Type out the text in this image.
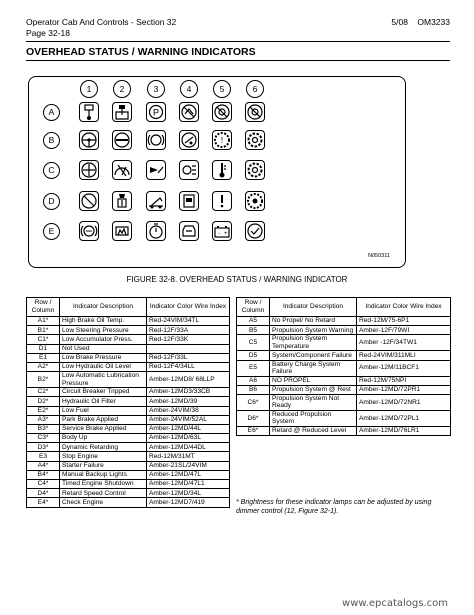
Operator Cab And Controls - Section 32
Page 32-18
5/08 OM3233
OVERHEAD STATUS / WARNING INDICATORS
1	2	3	4	5	6
A	P
B	!
C
D
E	- +
N050311
FIGURE 32-8. OVERHEAD STATUS / WARNING INDICATOR
Row / Column	Indicator Description	Indicator Color Wire Index
A1*	High Brake Oil Temp.	Red-24VIM/34TL
B1*	Low Steering Pressure	Red-12F/33A
C1*	Low Accumulator Press.	Red-12F/33K
D1	Not Used	
E1	Low Brake Pressure	Red-12F/33L
A2*	Low Hydraulic Oil Level	Red-12F4/34LL
B2*	Low Automatic Lubrication Pressure	Amber-12MD8/ 68LLP
C2*	Circuit Breaker Tripped	Amber-12MD3/33CB
D2*	Hydraulic Oil Filter	Amber-12MD/39
E2*	Low Fuel	Amber-24VIM/38
A3*	Park Brake Applied	Amber-24VIM/52AL
B3*	Service Brake Applied	Amber-12MD/44L
C3*	Body Up	Amber-12MD/63L
D3*	Dynamic Retarding	Amber-12MD/44DL
E3	Stop Engine	Red-12M/31MT
A4*	Starter Failure	Amber-21SL/24VIM
B4*	Manual Backup Lights	Amber-12MD/47L
C4*	Timed Engine Shutdown	Amber-12MD/47L1
D4*	Retard Speed Control	Amber-12MD/34L
E4*	Check Engine	Amber-12MD7/419
Row / Column	Indicator Description	Indicator Color Wire Index
A5	No Propel/ No Retard	Red-12M/75-6P1
B5	Propulsion System Warning	Amber-12F/79WI
C5	Propulsion System Temperature	Amber -12F/34TW1
D5	System/Component Failure	Red-24VIM/311MLI
E5	Battery Charge System Failure	Amber-12M/11BCF1
A6	NO PROPEL	Red-12M/75NPI
B6	Propulsion System @ Rest	Amber-12MD/72PR1
C6*	Propulsion System Not Ready	Amber-12MD/72NR1
D6*	Reduced Propulsion System	Amber-12MD/72PL1
E6*	Retard @ Reduced Level	Amber-12MD/76LR1
* Brightness for these indicator lamps can be adjusted by using dimmer control (12, Figure 32-1).
www.epcatalogs.com
